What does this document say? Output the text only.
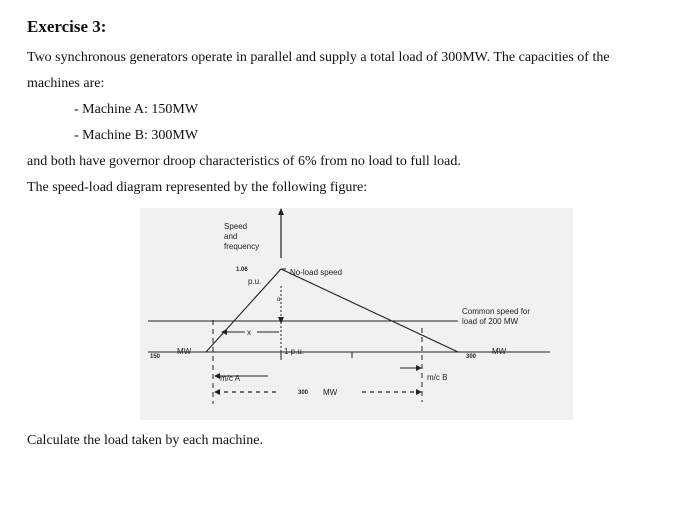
Exercise 3:
Two synchronous generators operate in parallel and supply a total load of 300MW. The capacities of the
machines are:
- Machine A: 150MW
- Machine B: 300MW
and both have governor droop characteristics of 6% from no load to full load.
The speed-load diagram represented by the following figure:
Speed
and
frequency
1.06
p.u.
No-load speed
Common speed for
load of 200 MW
x
α
150
MW	1 p.u.
300
MW
m/c A	m/c B
300 MW
Calculate the load taken by each machine.
